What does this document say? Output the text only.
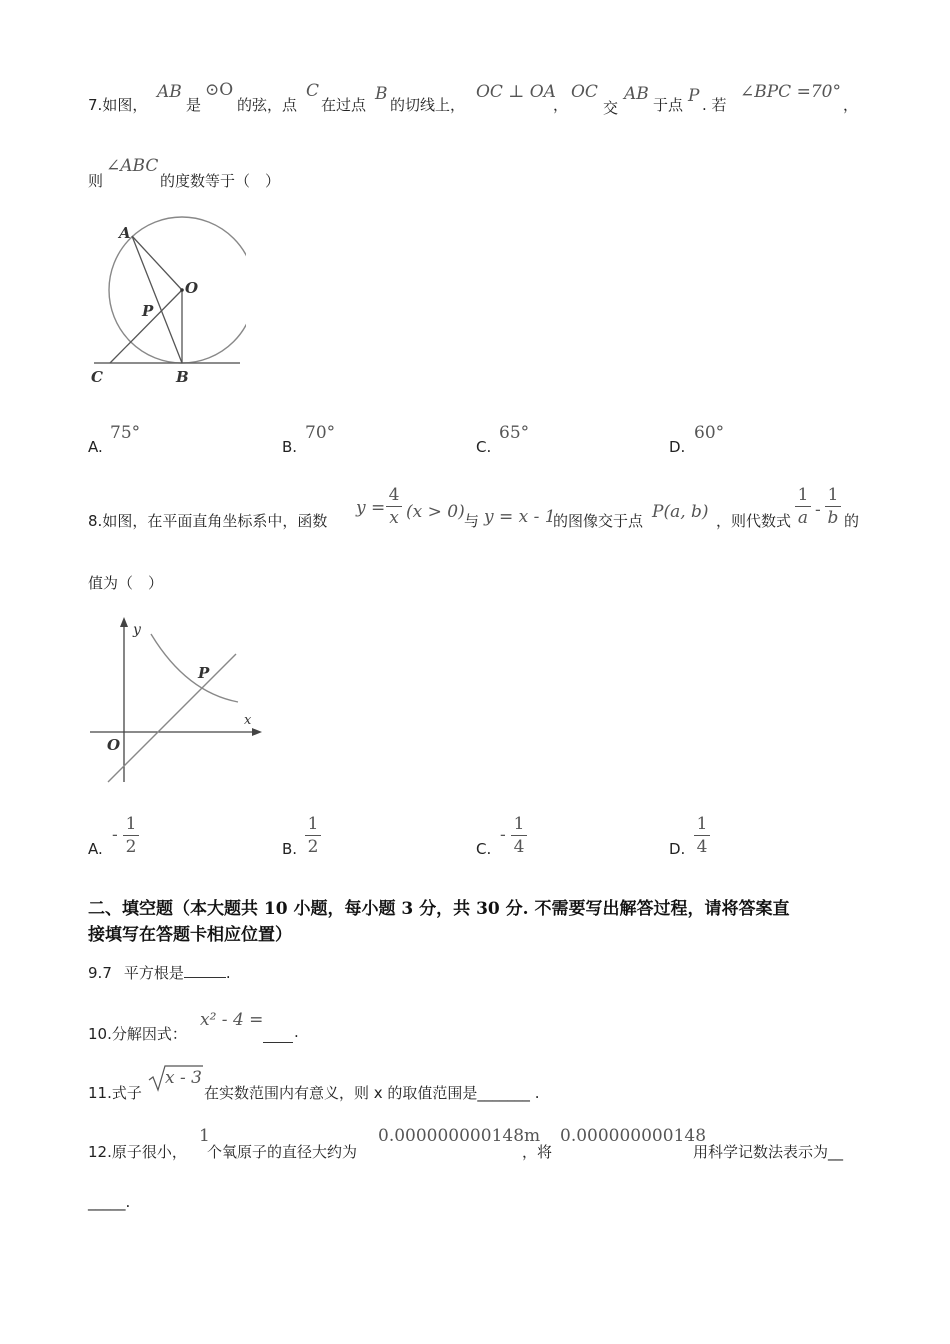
7.如图，
AB
是
⊙O
的弦，点
C
在过点
B
的切线上，
OC ⊥ OA
，
OC
交
AB
于点 P . 若
∠BPC =70°
，
则
∠ABC
的度数等于（　）
A
O
P
C	B
A.
75°
B.
70°
C.
65°
D.
60°
8.如图，在平面直角坐标系中，函数
y =
4
x (x > 0) 与 y = x - 1
的图像交于点 P(a, b) ，则代数式
1
a -
1
b 的
值为（　）
y
x
O
P
A.
-
1
2	B.
1
2	C.
-
1
4	D.
1
4
二、填空题（本大题共 10 小题，每小题 3 分，共 30 分. 不需要写出解答过程，请将答案直
接填写在答题卡相应位置）
9.7 平方根是	.
10.分解因式：
x² - 4 =
.
11.式子
x - 3
在实数范围内有意义，则 x 的取值范围是_______ .
12.原子很小，
1
个氧原子的直径大约为
0.000000000148m
，将
0.000000000148
用科学记数法表示为__
_____.
